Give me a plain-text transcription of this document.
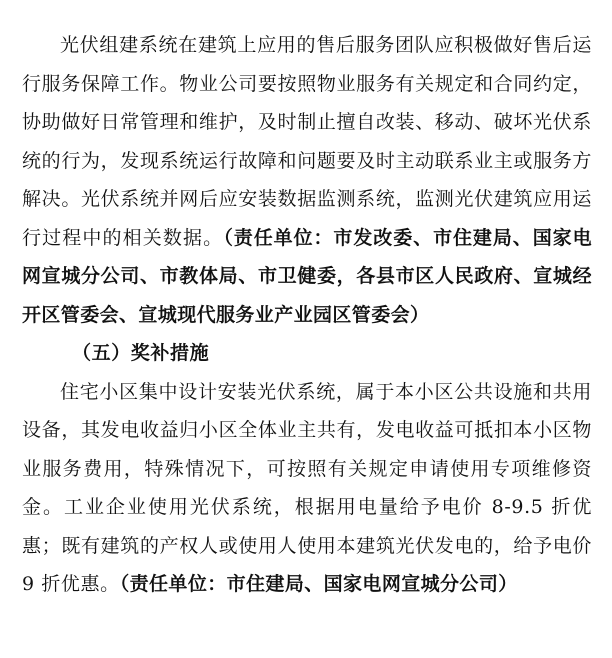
光伏组建系统在建筑上应用的售后服务团队应积极做好售后运行服务保障工作。物业公司要按照物业服务有关规定和合同约定，协助做好日常管理和维护，及时制止擅自改装、移动、破坏光伏系统的行为，发现系统运行故障和问题要及时主动联系业主或服务方解决。光伏系统并网后应安装数据监测系统，监测光伏建筑应用运行过程中的相关数据。（责任单位：市发改委、市住建局、国家电网宣城分公司、市教体局、市卫健委，各县市区人民政府、宣城经开区管委会、宣城现代服务业产业园区管委会）

（五）奖补措施

住宅小区集中设计安装光伏系统，属于本小区公共设施和共用设备，其发电收益归小区全体业主共有，发电收益可抵扣本小区物业服务费用，特殊情况下，可按照有关规定申请使用专项维修资金。工业企业使用光伏系统，根据用电量给予电价 8-9.5 折优惠；既有建筑的产权人或使用人使用本建筑光伏发电的，给予电价 9 折优惠。（责任单位：市住建局、国家电网宣城分公司）
